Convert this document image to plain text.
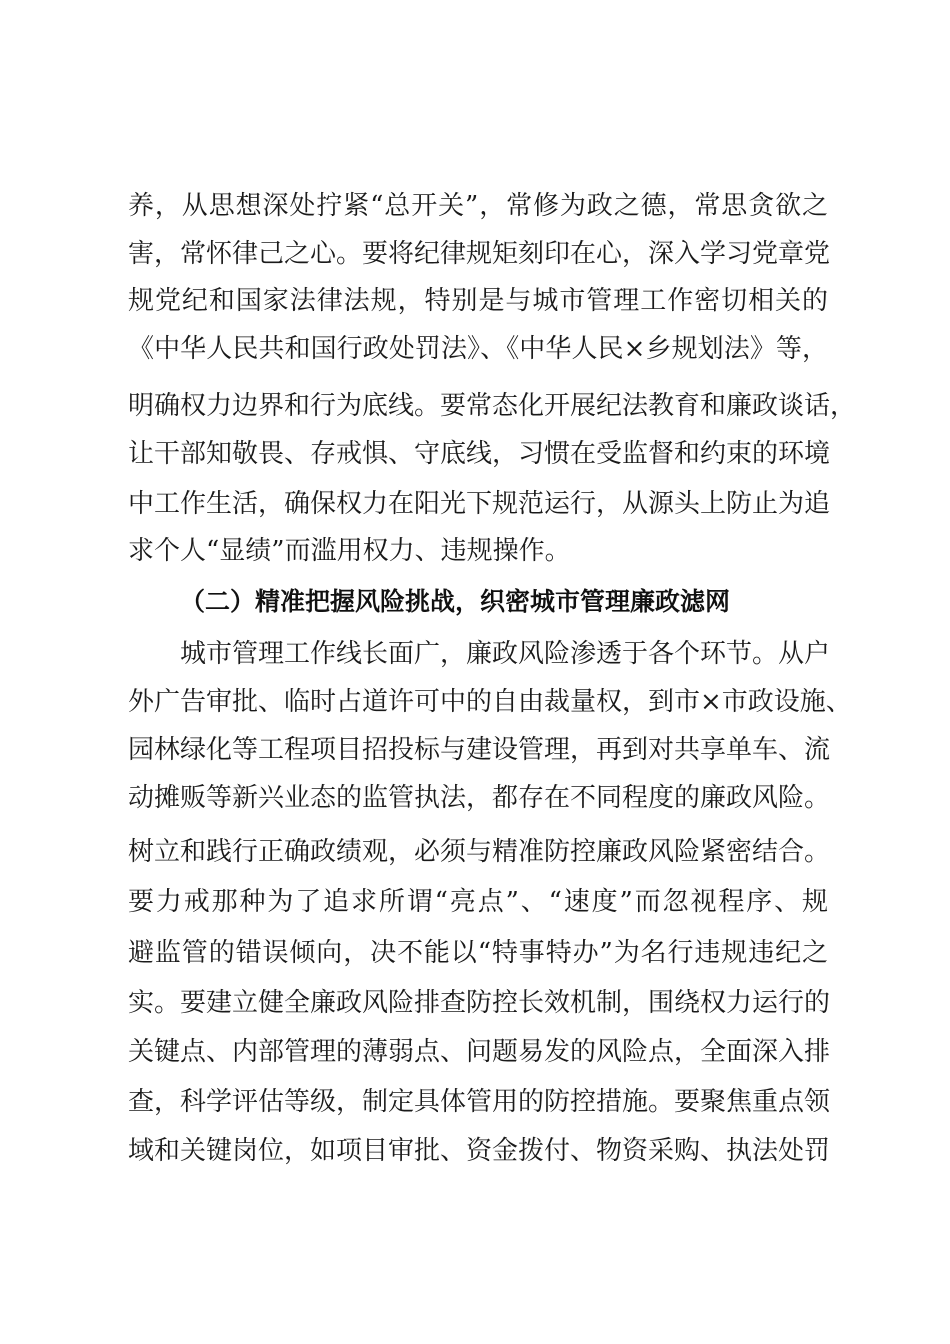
养，从思想深处拧紧“总开关”，常修为政之德，常思贪欲之
害，常怀律己之心。要将纪律规矩刻印在心，深入学习党章党
规党纪和国家法律法规，特别是与城市管理工作密切相关的
《中华人民共和国行政处罚法》、《中华人民×乡规划法》等，
明确权力边界和行为底线。要常态化开展纪法教育和廉政谈话，
让干部知敬畏、存戒惧、守底线，习惯在受监督和约束的环境
中工作生活，确保权力在阳光下规范运行，从源头上防止为追
求个人“显绩”而滥用权力、违规操作。
（二）精准把握风险挑战，织密城市管理廉政滤网
城市管理工作线长面广，廉政风险渗透于各个环节。从户
外广告审批、临时占道许可中的自由裁量权，到市×市政设施、
园林绿化等工程项目招投标与建设管理，再到对共享单车、流
动摊贩等新兴业态的监管执法，都存在不同程度的廉政风险。
树立和践行正确政绩观，必须与精准防控廉政风险紧密结合。
要力戒那种为了追求所谓“亮点”、“速度”而忽视程序、规
避监管的错误倾向，决不能以“特事特办”为名行违规违纪之
实。要建立健全廉政风险排查防控长效机制，围绕权力运行的
关键点、内部管理的薄弱点、问题易发的风险点，全面深入排
查，科学评估等级，制定具体管用的防控措施。要聚焦重点领
域和关键岗位，如项目审批、资金拨付、物资采购、执法处罚
